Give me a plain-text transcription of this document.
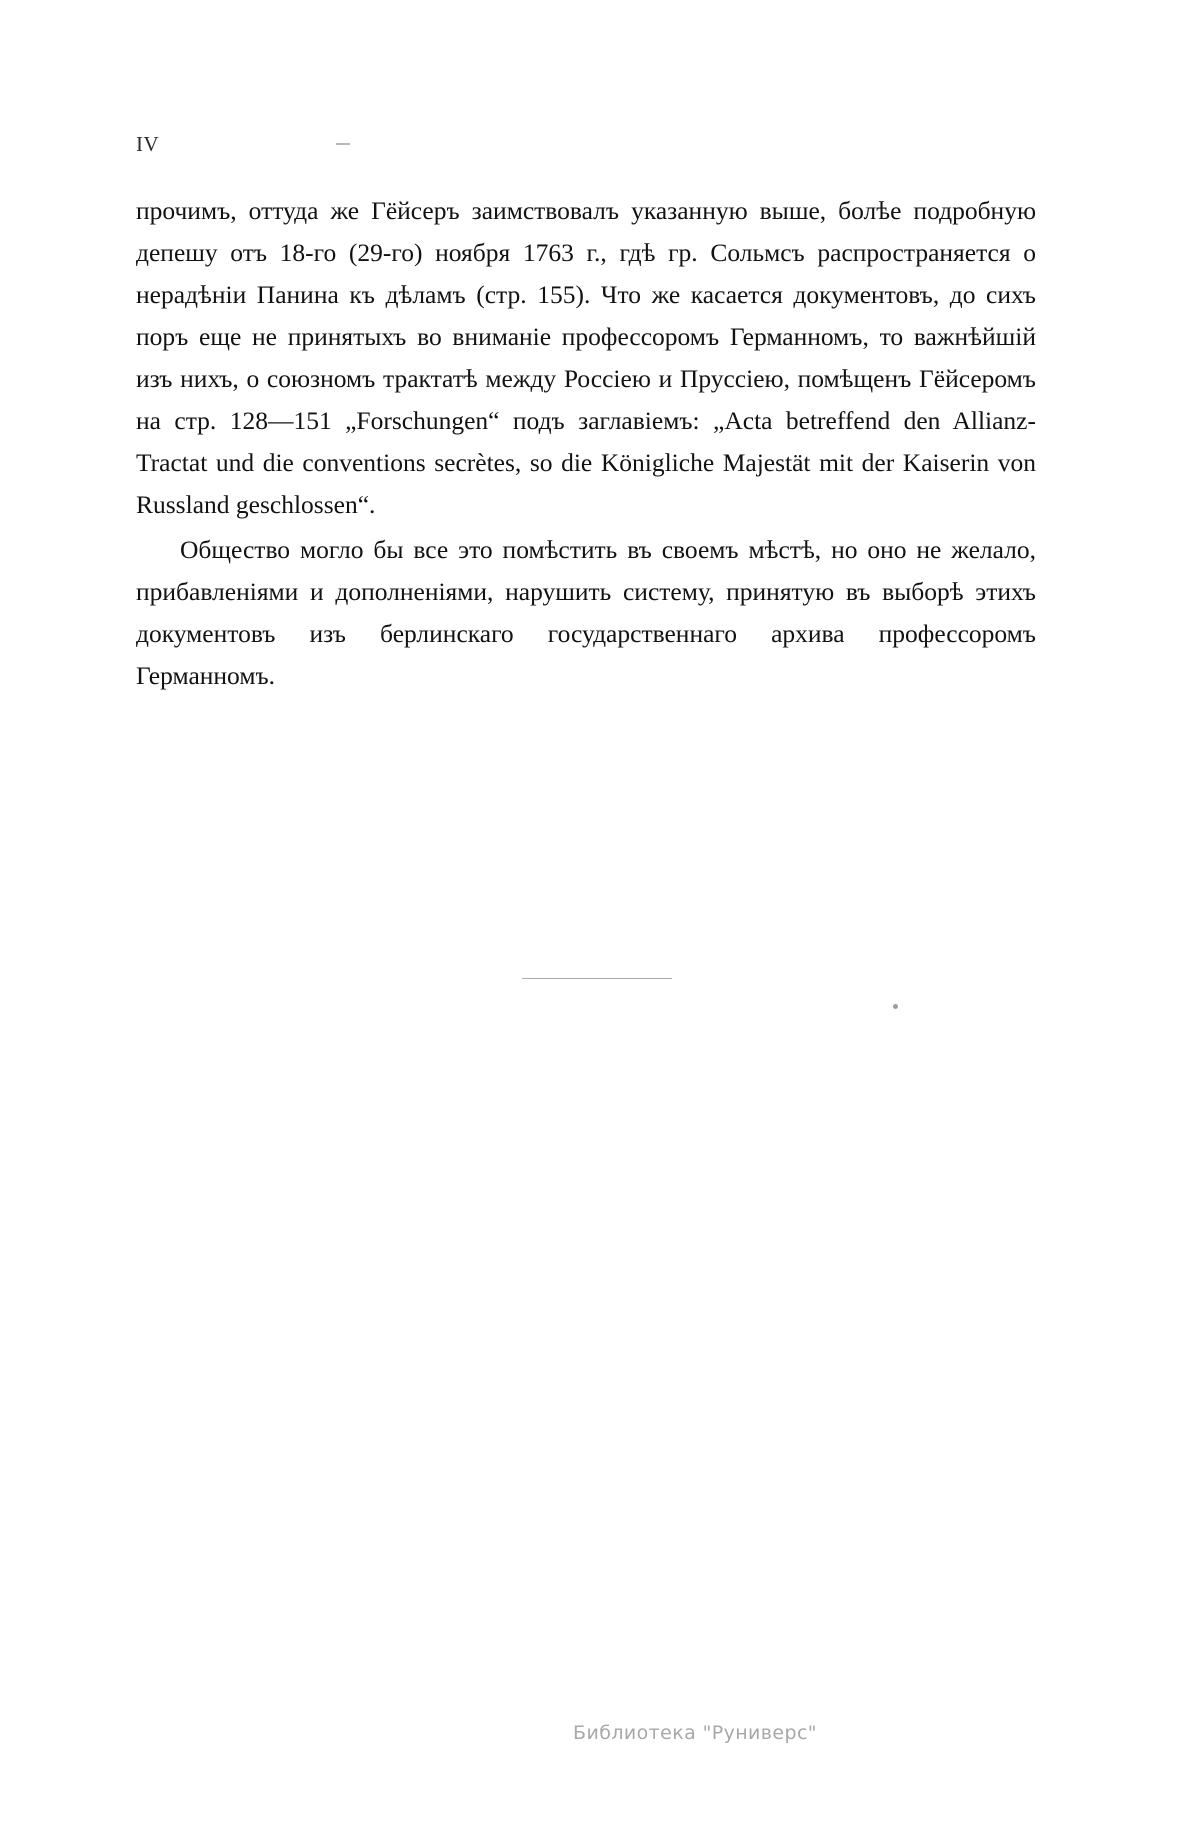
IV

прочимъ, оттуда же Гёйсеръ заимствовалъ указанную выше, болѣе подробную депешу отъ 18-го (29-го) ноября 1763 г., гдѣ гр. Сольмсъ распространяется о нерадѣніи Панина къ дѣламъ (стр. 155). Что же касается документовъ, до сихъ поръ еще не принятыхъ во вниманіе профессоромъ Германномъ, то важнѣйшій изъ нихъ, о союзномъ трактатѣ между Россіею и Пруссіею, помѣщенъ Гёйсеромъ на стр. 128—151 „Forschungen“ подъ заглавіемъ: „Acta betreffend den Allianz-Tractat und die conventions secrètes, so die Königliche Majestät mit der Kaiserin von Russland geschlossen“.

Общество могло бы все это помѣстить въ своемъ мѣстѣ, но оно не желало, прибавленіями и дополненіями, нарушить систему, принятую въ выборѣ этихъ документовъ изъ берлинскаго государственнаго архива профессоромъ Германномъ.

Библиотека "Руниверс"
